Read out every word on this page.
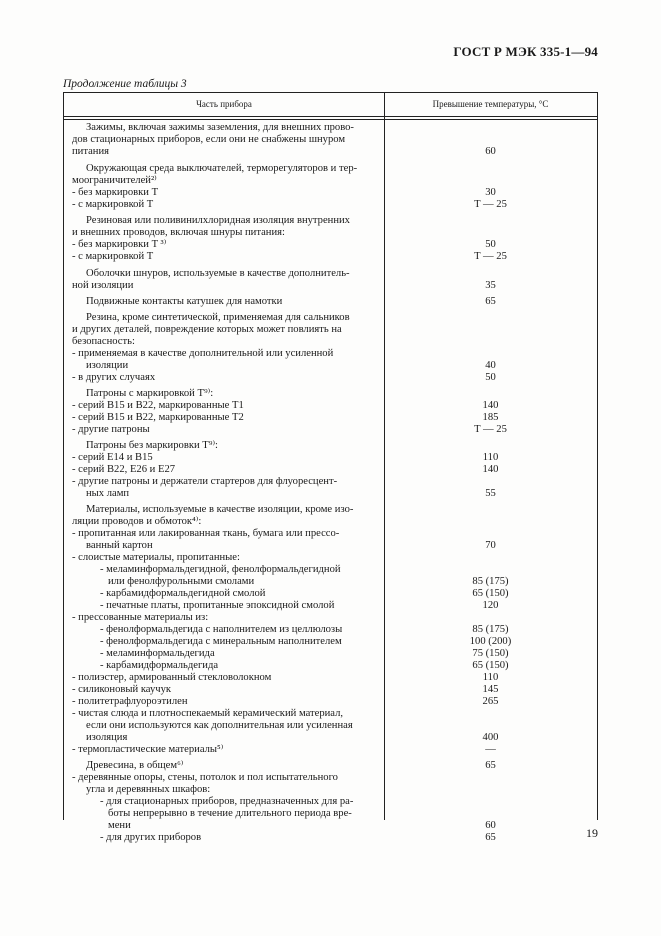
ГОСТ Р МЭК 335-1—94
Продолжение таблицы 3
Часть прибора	Превышение температуры, °С
Зажимы, включая зажимы заземления, для внешних прово-
дов стационарных приборов, если они не снабжены шнуром
питания	60
Окружающая среда выключателей, терморегуляторов и тер-
моограничителей²⁾
- без маркировки T	30
- с маркировкой T	T — 25
Резиновая или поливинилхлоридная изоляция внутренних
и внешних проводов, включая шнуры питания:
- без маркировки T ³⁾	50
- с маркировкой T	T — 25
Оболочки шнуров, используемые в качестве дополнитель-
ной изоляции	35
Подвижные контакты катушек для намотки	65
Резина, кроме синтетической, применяемая для сальников
и других деталей, повреждение которых может повлиять на
безопасность:
- применяемая в качестве дополнительной или усиленной
изоляции	40
- в других случаях	50
Патроны с маркировкой T⁹⁾:
- серий B15 и B22, маркированные T1	140
- серий B15 и B22, маркированные T2	185
- другие патроны	T — 25
Патроны без маркировки T⁹⁾:
- серий E14 и B15	110
- серий B22, E26 и E27	140
- другие патроны и держатели стартеров для флуоресцент-
ных ламп	55
Материалы, используемые в качестве изоляции, кроме изо-
ляции проводов и обмоток⁴⁾:
- пропитанная или лакированная ткань, бумага или прессо-
ванный картон	70
- слоистые материалы, пропитанные:
- меламинформальдегидной, фенолформальдегидной
или фенолфурольными смолами	85 (175)
- карбамидформальдегидной смолой	65 (150)
- печатные платы, пропитанные эпоксидной смолой	120
- прессованные материалы из:
- фенолформальдегида с наполнителем из целлюлозы	85 (175)
- фенолформальдегида с минеральным наполнителем	100 (200)
- меламинформальдегида	75 (150)
- карбамидформальдегида	65 (150)
- полиэстер, армированный стекловолокном	110
- силиконовый каучук	145
- политетрафлуороэтилен	265
- чистая слюда и плотноспекаемый керамический материал,
если они используются как дополнительная или усиленная
изоляция	400
- термопластические материалы⁵⁾	—
Древесина, в общем⁶⁾	65
- деревянные опоры, стены, потолок и пол испытательного
угла и деревянных шкафов:
- для стационарных приборов, предназначенных для ра-
боты непрерывно в течение длительного периода вре-
мени	60
- для других приборов	65	19
